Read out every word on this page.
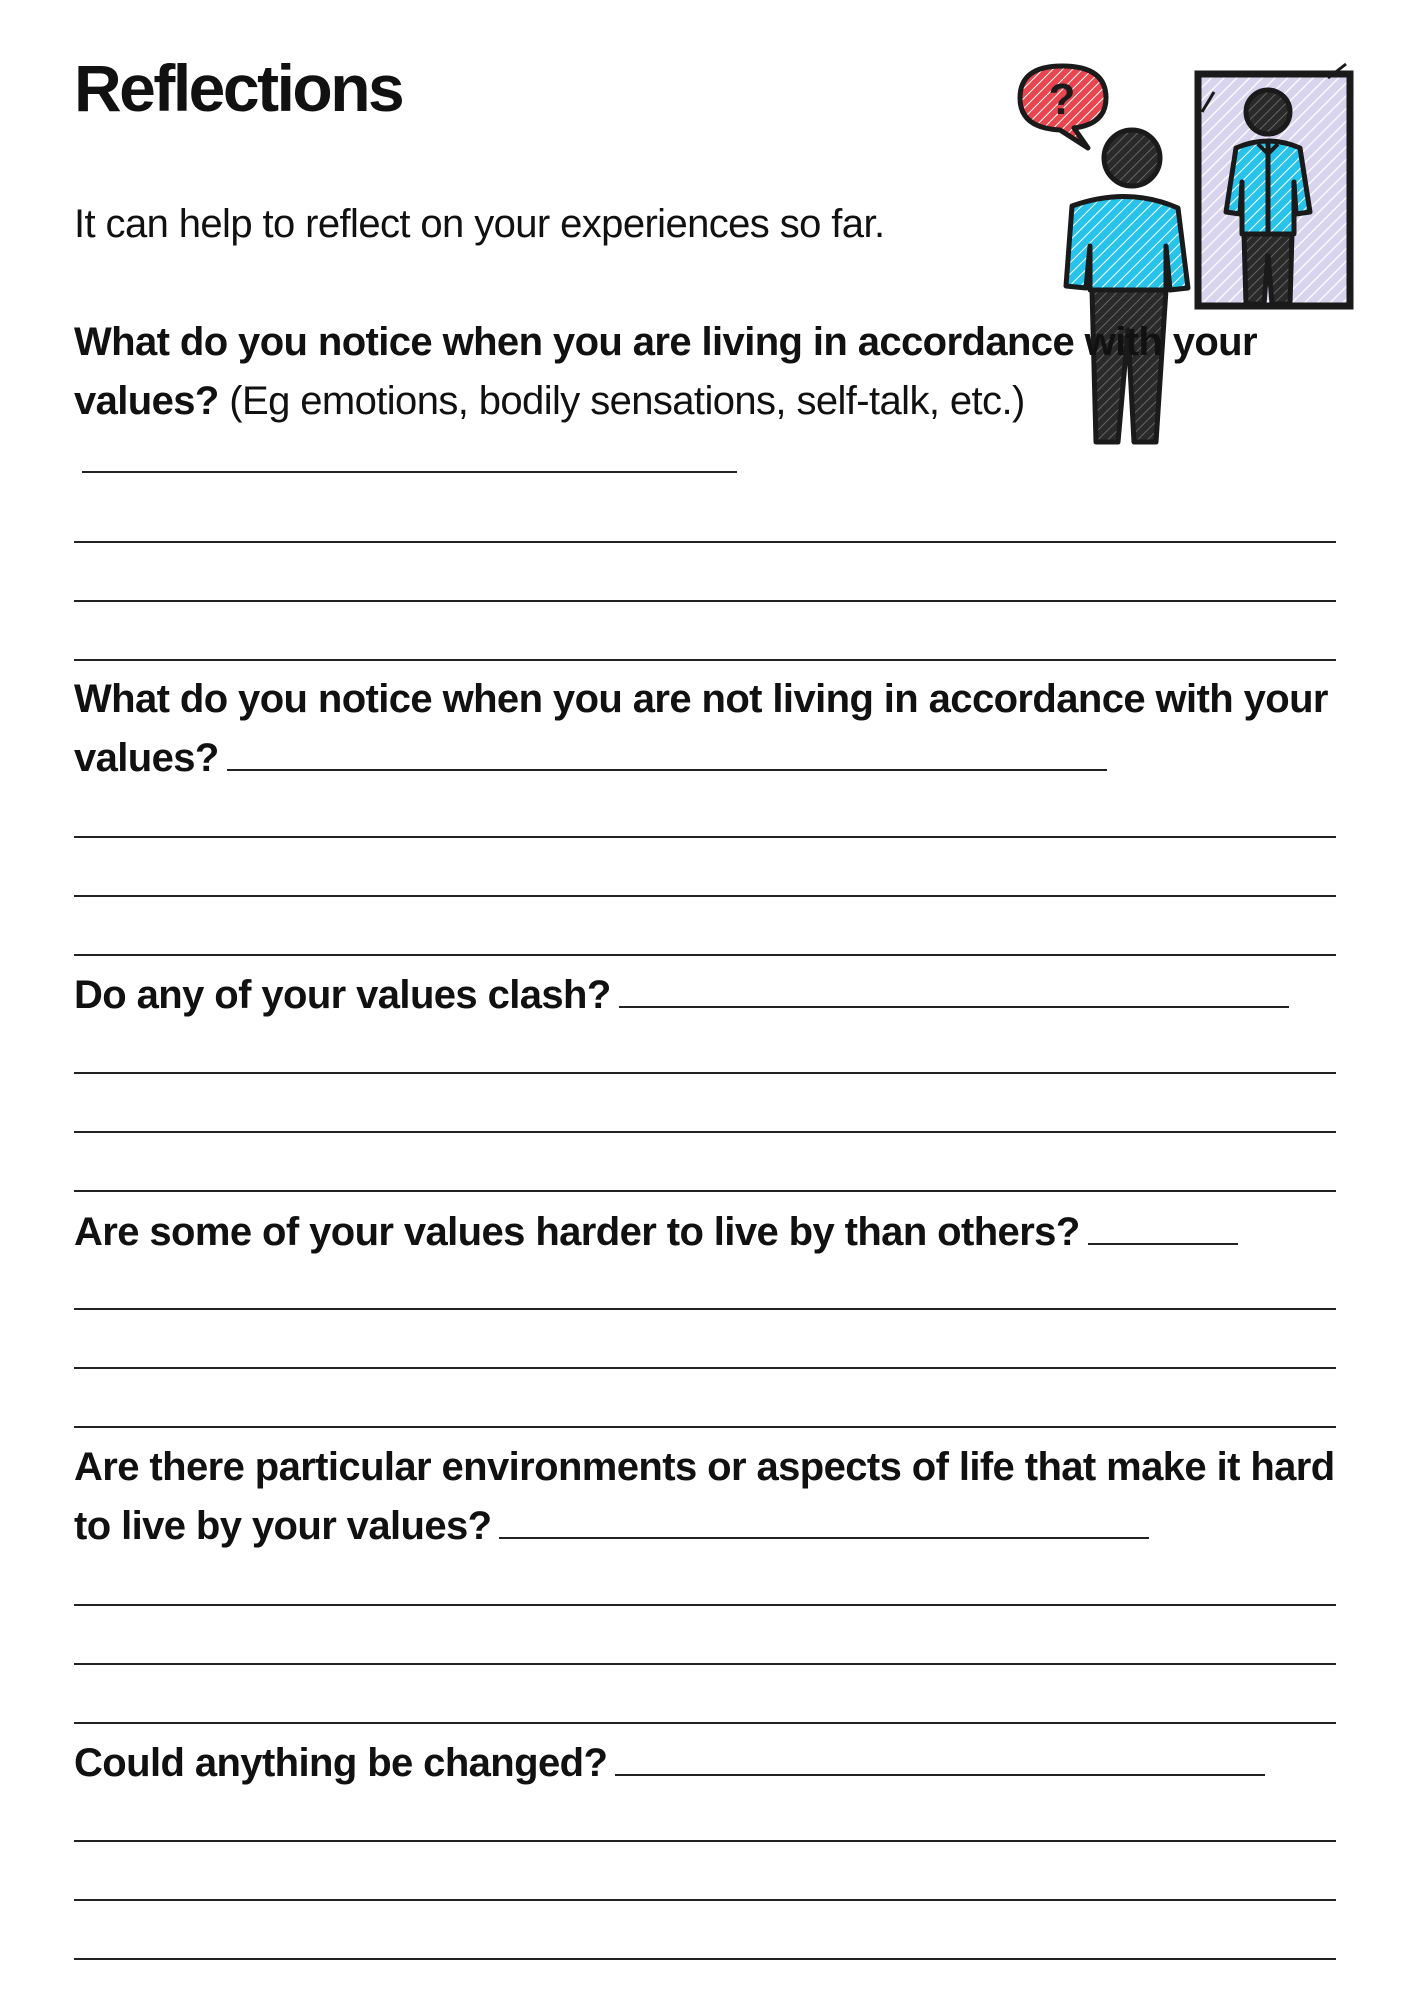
Reflections
It can help to reflect on your experiences so far.
?

What do you notice when you are living in accordance with your values? (Eg emotions, bodily sensations, self-talk, etc.)

What do you notice when you are not living in accordance with your values?

Do any of your values clash?

Are some of your values harder to live by than others?

Are there particular environments or aspects of life that make it hard to live by your values?

Could anything be changed?
